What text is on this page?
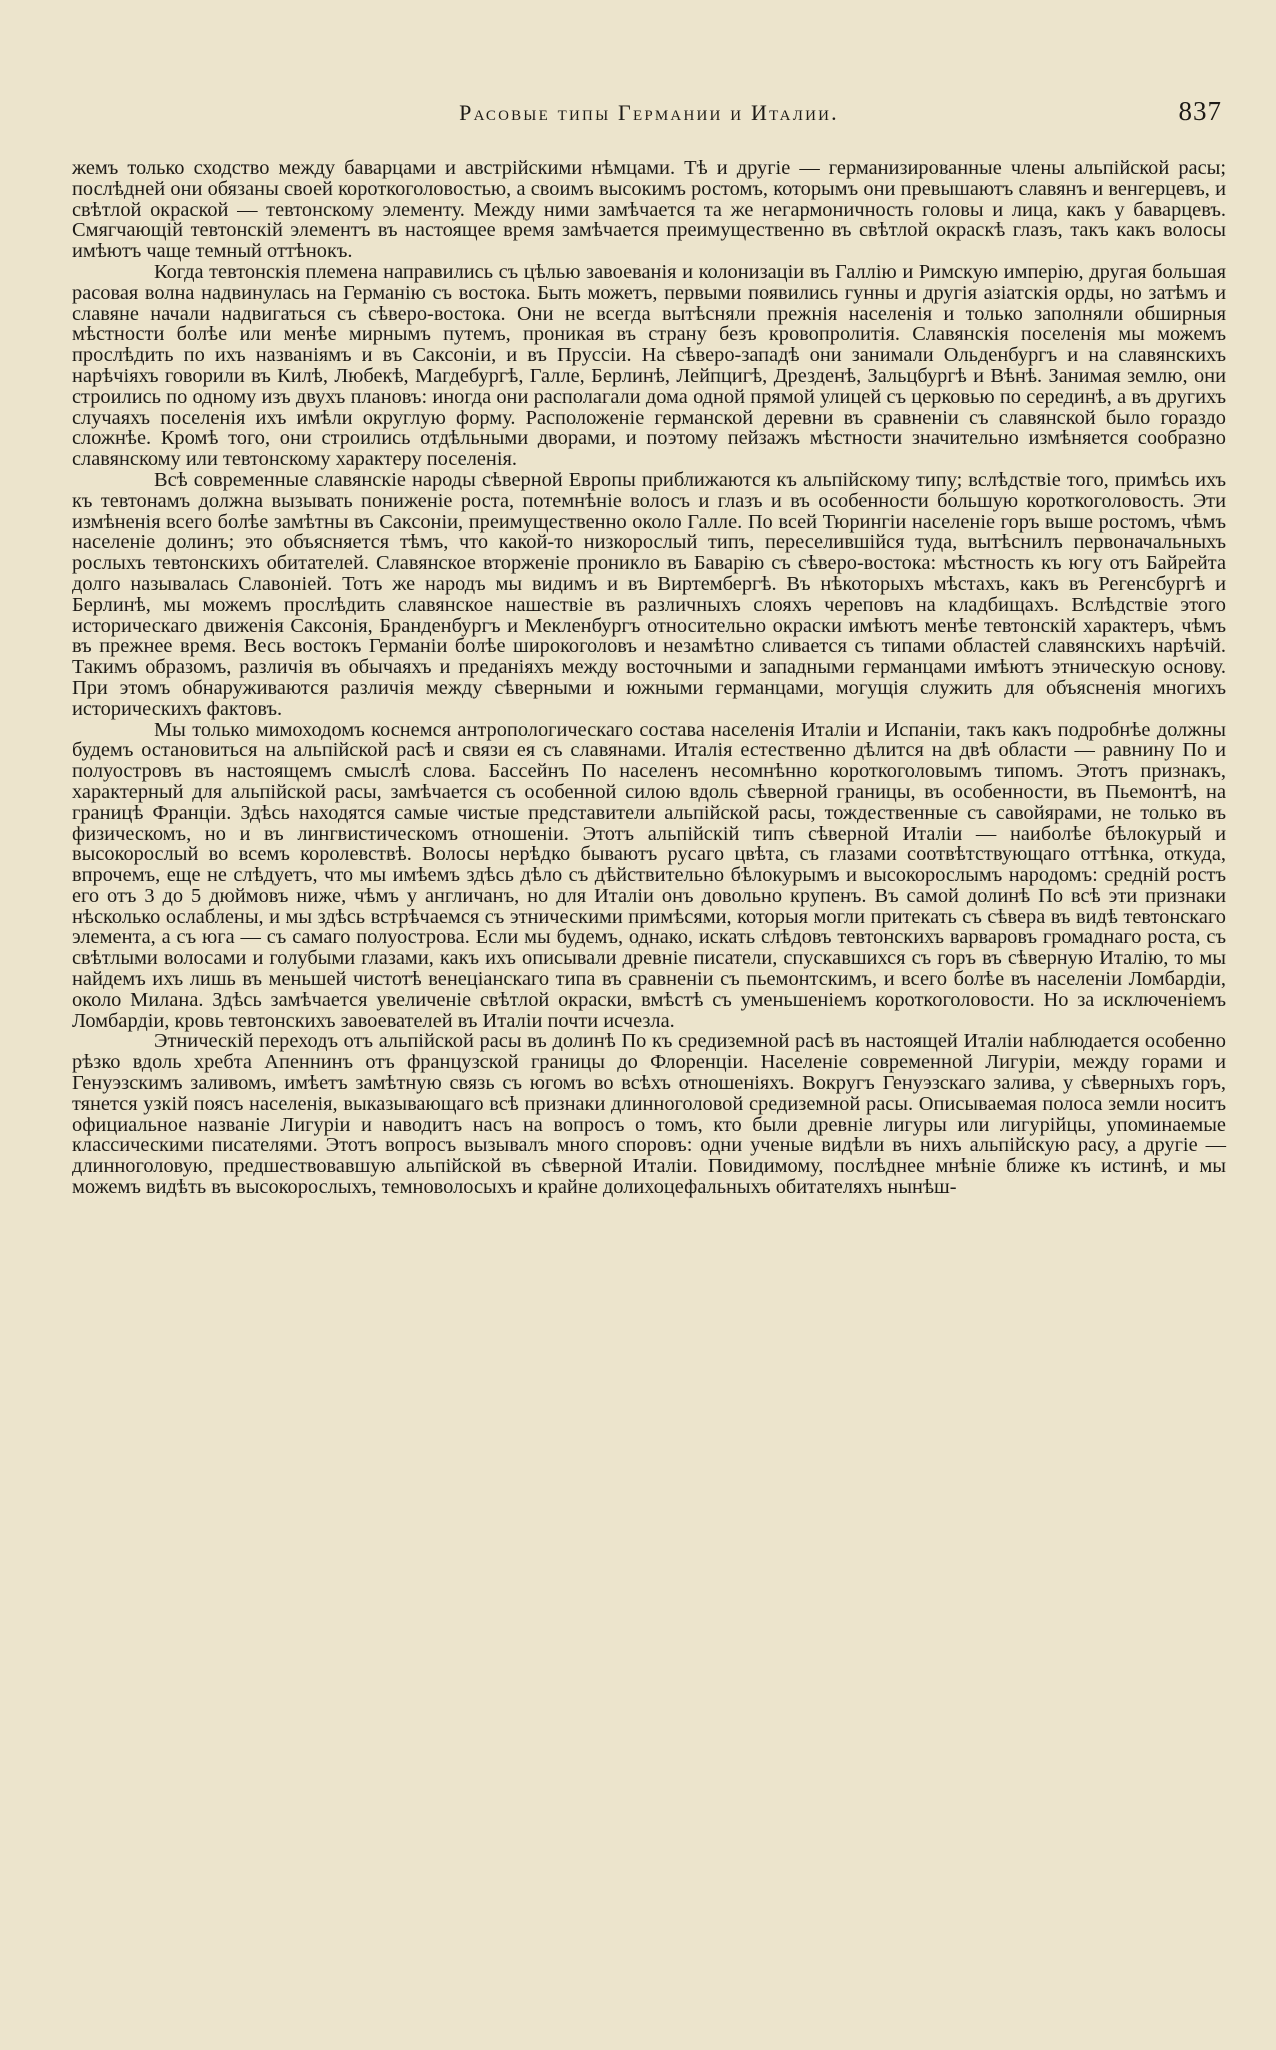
Расовые типы Германии и Италии.	837

жемъ только сходство между баварцами и австрійскими нѣмцами. Тѣ и другіе — германизированные члены альпійской расы; послѣдней они обязаны своей короткоголовостью, а своимъ высокимъ ростомъ, которымъ они превышаютъ славянъ и венгерцевъ, и свѣтлой окраской — тевтонскому элементу. Между ними замѣчается та же негармоничность головы и лица, какъ у баварцевъ. Смягчающій тевтонскій элементъ въ настоящее время замѣчается преимущественно въ свѣтлой окраскѣ глазъ, такъ какъ волосы имѣютъ чаще темный оттѣнокъ.

Когда тевтонскія племена направились съ цѣлью завоеванія и колонизаціи въ Галлію и Римскую имперію, другая большая расовая волна надвинулась на Германію съ востока. Быть можетъ, первыми появились гунны и другія азіатскія орды, но затѣмъ и славяне начали надвигаться съ сѣверо-востока. Они не всегда вытѣсняли прежнія населенія и только заполняли обширныя мѣстности болѣе или менѣе мирнымъ путемъ, проникая въ страну безъ кровопролитія. Славянскія поселенія мы можемъ прослѣдить по ихъ названіямъ и въ Саксоніи, и въ Пруссіи. На сѣверо-западѣ они занимали Ольденбургъ и на славянскихъ нарѣчіяхъ говорили въ Килѣ, Любекѣ, Магдебургѣ, Галле, Берлинѣ, Лейпцигѣ, Дрезденѣ, Зальцбургѣ и Вѣнѣ. Занимая землю, они строились по одному изъ двухъ плановъ: иногда они располагали дома одной прямой улицей съ церковью по серединѣ, а въ другихъ случаяхъ поселенія ихъ имѣли округлую форму. Расположеніе германской деревни въ сравненіи съ славянской было гораздо сложнѣе. Кромѣ того, они строились отдѣльными дворами, и поэтому пейзажъ мѣстности значительно измѣняется сообразно славянскому или тевтонскому характеру поселенія.

Всѣ современные славянскіе народы сѣверной Европы приближаются къ альпійскому типу; вслѣдствіе того, примѣсь ихъ къ тевтонамъ должна вызывать пониженіе роста, потемнѣніе волосъ и глазъ и въ особенности бо́льшую короткоголовость. Эти измѣненія всего болѣе замѣтны въ Саксоніи, преимущественно около Галле. По всей Тюрингіи населеніе горъ выше ростомъ, чѣмъ населеніе долинъ; это объясняется тѣмъ, что какой-то низкорослый типъ, переселившійся туда, вытѣснилъ первоначальныхъ рослыхъ тевтонскихъ обитателей. Славянское вторженіе проникло въ Баварію съ сѣверо-востока: мѣстность къ югу отъ Байрейта долго называлась Славоніей. Тотъ же народъ мы видимъ и въ Виртембергѣ. Въ нѣкоторыхъ мѣстахъ, какъ въ Регенсбургѣ и Берлинѣ, мы можемъ прослѣдить славянское нашествіе въ различныхъ слояхъ череповъ на кладбищахъ. Вслѣдствіе этого историческаго движенія Саксонія, Бранденбургъ и Мекленбургъ относительно окраски имѣютъ менѣе тевтонскій характеръ, чѣмъ въ прежнее время. Весь востокъ Германіи болѣе широкоголовъ и незамѣтно сливается съ типами областей славянскихъ нарѣчій. Такимъ образомъ, различія въ обычаяхъ и преданіяхъ между восточными и западными германцами имѣютъ этническую основу. При этомъ обнаруживаются различія между сѣверными и южными германцами, могущія служить для объясненія многихъ историческихъ фактовъ.

Мы только мимоходомъ коснемся антропологическаго состава населенія Италіи и Испаніи, такъ какъ подробнѣе должны будемъ остановиться на альпійской расѣ и связи ея съ славянами. Италія естественно дѣлится на двѣ области — равнину По и полуостровъ въ настоящемъ смыслѣ слова. Бассейнъ По населенъ несомнѣнно короткоголовымъ типомъ. Этотъ признакъ, характерный для альпійской расы, замѣчается съ особенной силою вдоль сѣверной границы, въ особенности, въ Пьемонтѣ, на границѣ Франціи. Здѣсь находятся самые чистые представители альпійской расы, тождественные съ савойярами, не только въ физическомъ, но и въ лингвистическомъ отношеніи. Этотъ альпійскій типъ сѣверной Италіи — наиболѣе бѣлокурый и высокорослый во всемъ королевствѣ. Волосы нерѣдко бываютъ русаго цвѣта, съ глазами соотвѣтствующаго оттѣнка, откуда, впрочемъ, еще не слѣдуетъ, что мы имѣемъ здѣсь дѣло съ дѣйствительно бѣлокурымъ и высокорослымъ народомъ: средній ростъ его отъ 3 до 5 дюймовъ ниже, чѣмъ у англичанъ, но для Италіи онъ довольно крупенъ. Въ самой долинѣ По всѣ эти признаки нѣсколько ослаблены, и мы здѣсь встрѣчаемся съ этническими примѣсями, которыя могли притекать съ сѣвера въ видѣ тевтонскаго элемента, а съ юга — съ самаго полуострова. Если мы будемъ, однако, искать слѣдовъ тевтонскихъ варваровъ громаднаго роста, съ свѣтлыми волосами и голубыми глазами, какъ ихъ описывали древніе писатели, спускавшихся съ горъ въ сѣверную Италію, то мы найдемъ ихъ лишь въ меньшей чистотѣ венеціанскаго типа въ сравненіи съ пьемонтскимъ, и всего болѣе въ населеніи Ломбардіи, около Милана. Здѣсь замѣчается увеличеніе свѣтлой окраски, вмѣстѣ съ уменьшеніемъ короткоголовости. Но за исключеніемъ Ломбардіи, кровь тевтонскихъ завоевателей въ Италіи почти исчезла.

Этническій переходъ отъ альпійской расы въ долинѣ По къ средиземной расѣ въ настоящей Италіи наблюдается особенно рѣзко вдоль хребта Апеннинъ отъ французской границы до Флоренціи. Населеніе современной Лигуріи, между горами и Генуэзскимъ заливомъ, имѣетъ замѣтную связь съ югомъ во всѣхъ отношеніяхъ. Вокругъ Генуэзскаго залива, у сѣверныхъ горъ, тянется узкій поясъ населенія, выказывающаго всѣ признаки длинноголовой средиземной расы. Описываемая полоса земли носитъ официальное названіе Лигуріи и наводитъ насъ на вопросъ о томъ, кто были древніе лигуры или лигурійцы, упоминаемые классическими писателями. Этотъ вопросъ вызывалъ много споровъ: одни ученые видѣли въ нихъ альпійскую расу, а другіе — длинноголовую, предшествовавшую альпійской въ сѣверной Италіи. Повидимому, послѣднее мнѣніе ближе къ истинѣ, и мы можемъ видѣть въ высокорослыхъ, темноволосыхъ и крайне долихоцефальныхъ обитателяхъ нынѣш-
